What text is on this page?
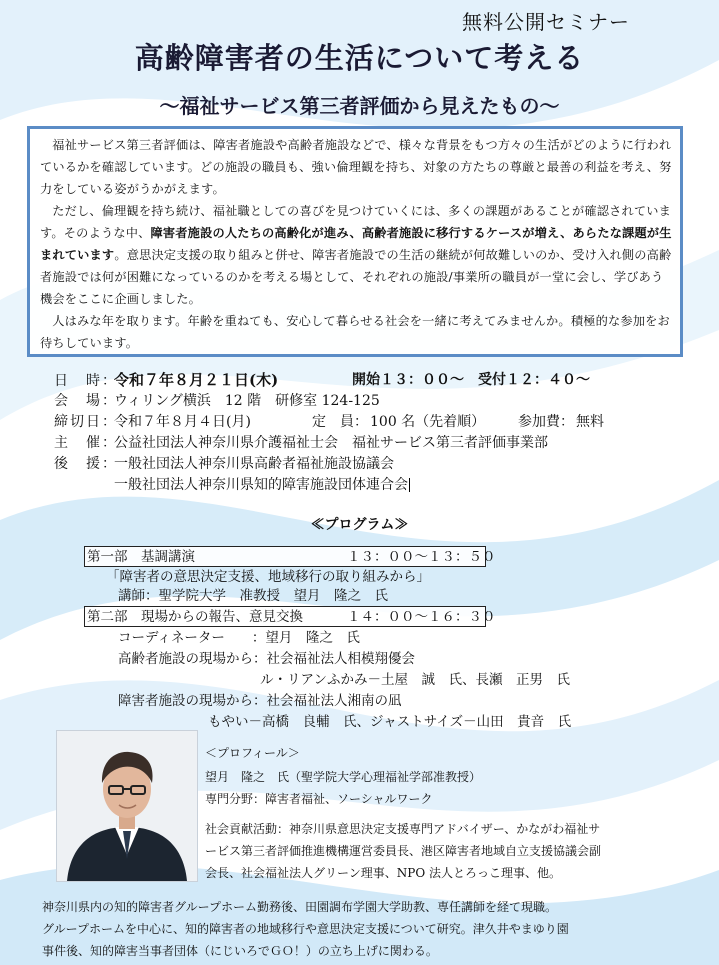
無料公開セミナー
高齢障害者の生活について考える
～福祉サービス第三者評価から見えたもの～

福祉サービス第三者評価は、障害者施設や高齢者施設などで、様々な背景をもつ方々の生活がどのように行われているかを確認しています。どの施設の職員も、強い倫理観を持ち、対象の方たちの尊厳と最善の利益を考え、努力をしている姿がうかがえます。

ただし、倫理観を持ち続け、福祉職としての喜びを見つけていくには、多くの課題があることが確認されています。そのような中、障害者施設の人たちの高齢化が進み、高齢者施設に移行するケースが増え、あらたな課題が生まれています。意思決定支援の取り組みと併せ、障害者施設での生活の継続が何故難しいのか、受け入れ側の高齢者施設では何が困難になっているのかを考える場として、それぞれの施設/事業所の職員が一堂に会し、学びあう機会をここに企画しました。

人はみな年を取ります。年齢を重ねても、安心して暮らせる社会を一緒に考えてみませんか。積極的な参加をお待ちしています。

日　時：令和７年８月２１日(木)	開始１３：００～　受付１２：４０～
会　場：ウィリング横浜　12 階　研修室 124-125
締切日：令和７年８月４日(月)	定　員： 100 名（先着順） 参加費： 無料
主　催：公益社団法人神奈川県介護福祉士会　福祉サービス第三者評価事業部
後　援：一般社団法人神奈川県高齢者福祉施設協議会
一般社団法人神奈川県知的障害施設団体連合会
≪プログラム≫
第一部　基調講演	１３：００～１３：５０
「障害者の意思決定支援、地域移行の取り組みから」
講師：聖学院大学　准教授　望月　隆之　氏
第二部　現場からの報告、意見交換	１４：００～１６：３０
コーディネーター　　：望月　隆之　氏
高齢者施設の現場から：社会福祉法人相模翔優会
ル・リアンふかみ－土屋　誠　氏、長瀬　正男　氏
障害者施設の現場から：社会福祉法人湘南の凪
もやい－高橋　良輔　氏、ジャストサイズ－山田　貴音　氏
＜プロフィール＞
望月　隆之　氏（聖学院大学心理福祉学部准教授）
専門分野：障害者福祉、ソーシャルワーク
社会貢献活動：神奈川県意思決定支援専門アドバイザー、かながわ福祉サ
ービス第三者評価推進機構運営委員長、港区障害者地域自立支援協議会副
会長、社会福祉法人グリーン理事、NPO 法人とろっこ理事、他。
神奈川県内の知的障害者グループホーム勤務後、田園調布学園大学助教、専任講師を経て現職。
グループホームを中心に、知的障害者の地域移行や意思決定支援について研究。津久井やまゆり園
事件後、知的障害当事者団体（にじいろでＧＯ！）の立ち上げに関わる。
